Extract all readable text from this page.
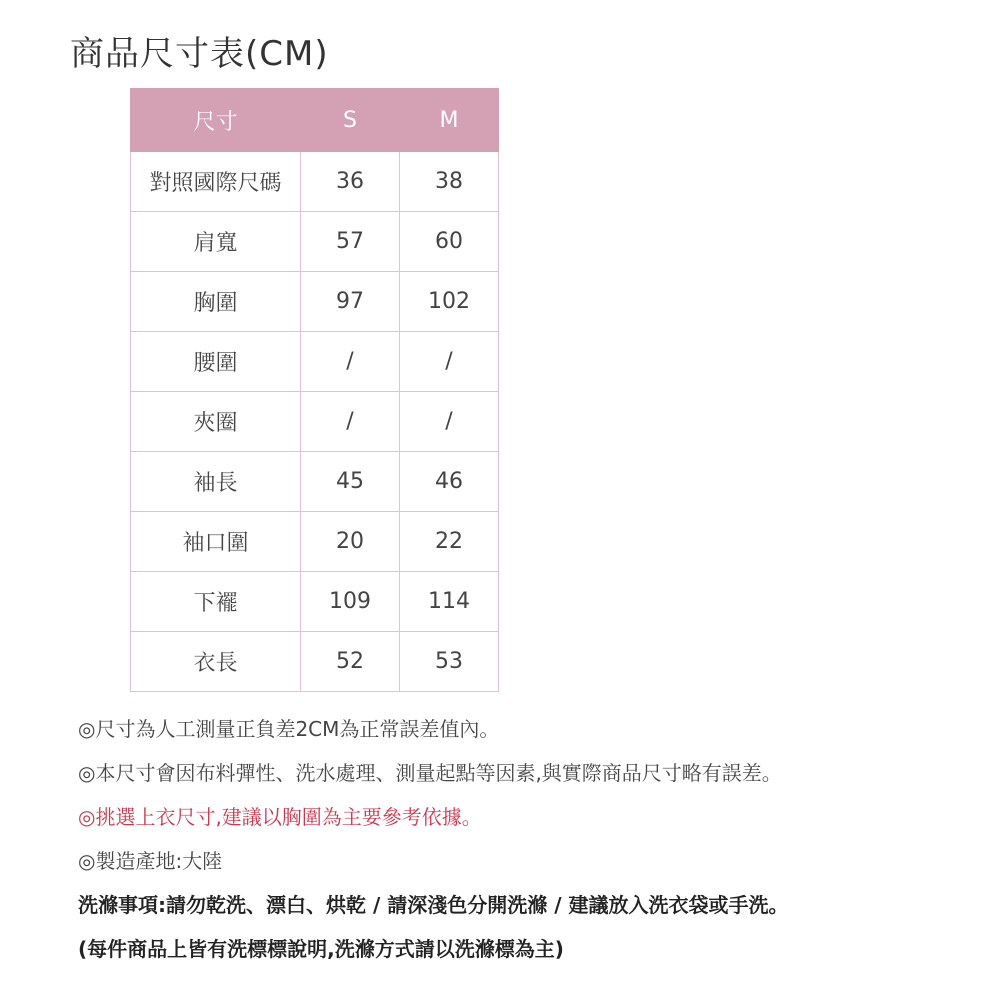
商品尺寸表(CM)
尺寸	S	M
對照國際尺碼	36	38
肩寬	57	60
胸圍	97	102
腰圍	/	/
夾圈	/	/
袖長	45	46
袖口圍	20	22
下襬	109	114
衣長	52	53
◎尺寸為人工測量正負差2CM為正常誤差值內。
◎本尺寸會因布料彈性、洗水處理、測量起點等因素,與實際商品尺寸略有誤差。
◎挑選上衣尺寸,建議以胸圍為主要參考依據。
◎製造產地:大陸
洗滌事項:請勿乾洗、漂白、烘乾 / 請深淺色分開洗滌 / 建議放入洗衣袋或手洗。
(每件商品上皆有洗標標說明,洗滌方式請以洗滌標為主)
